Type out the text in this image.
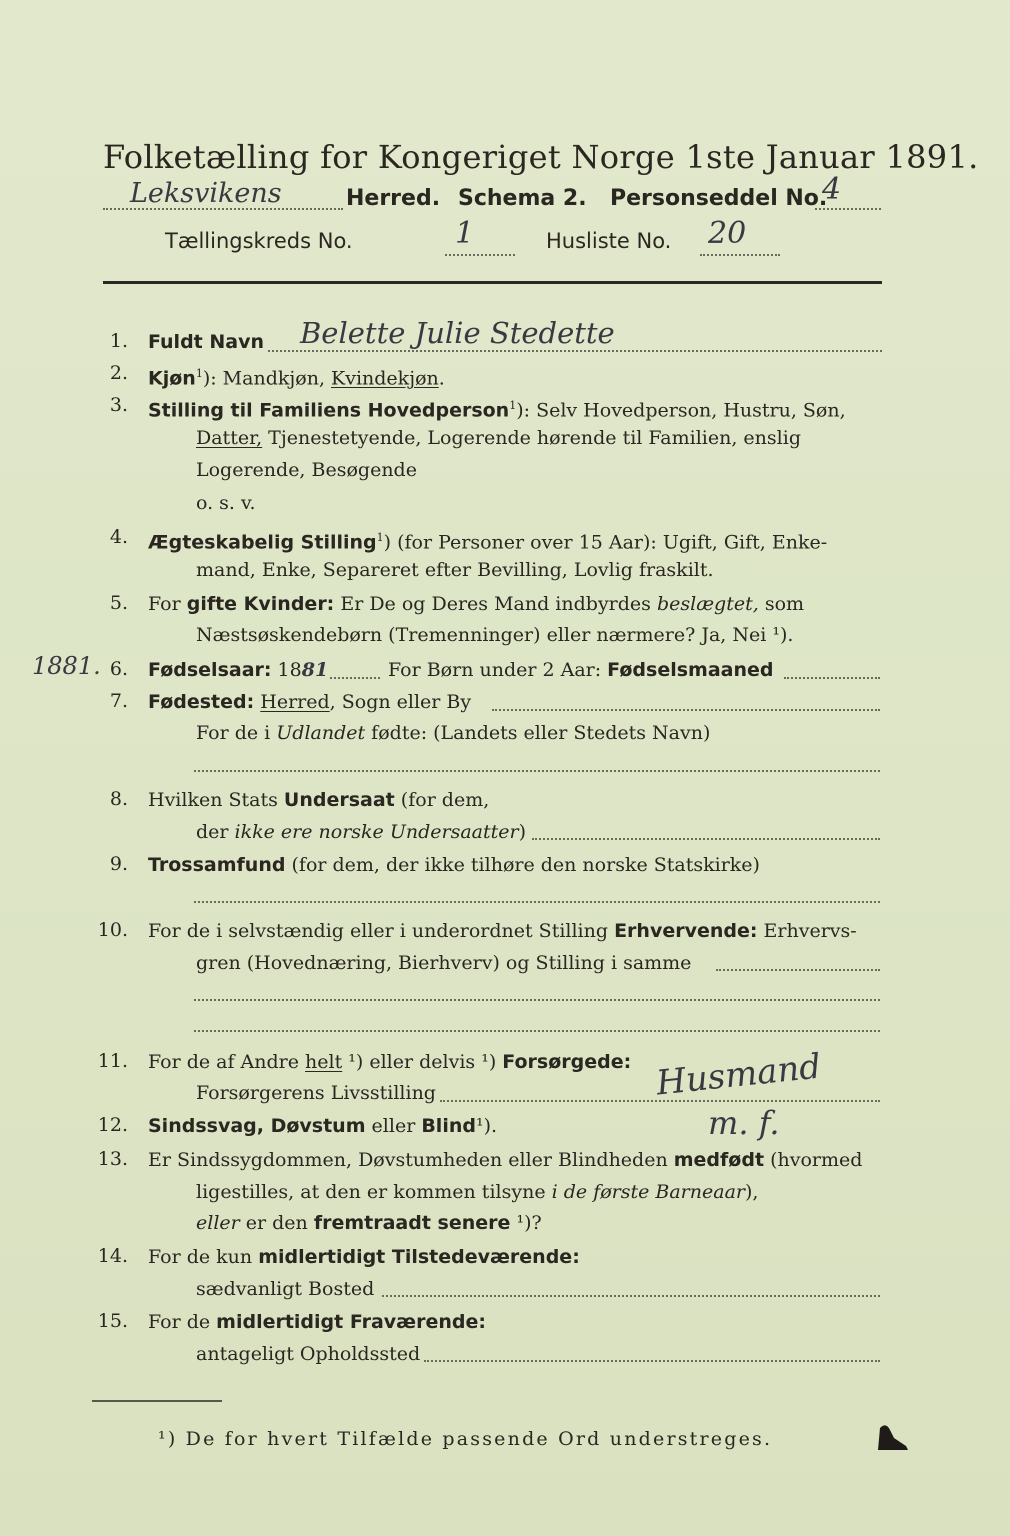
Folketælling for Kongeriget Norge 1ste Januar 1891.
Leksvikens	Herred. Schema 2. Personseddel No.
4
Tællingskreds No.	1	Husliste No. 20
1. Fuldt Navn Belette Julie Stedette
2. Kjøn$^1$): Mandkjøn, Kvindekjøn.
3. Stilling til Familiens Hovedperson$^1$): Selv Hovedperson, Hustru, Søn,
Datter, Tjenestetyende, Logerende hørende til Familien, enslig
Logerende, Besøgende
o. s. v.
4. Ægteskabelig Stilling$^1$) (for Personer over 15 Aar): Ugift, Gift, Enke-
mand, Enke, Separeret efter Bevilling, Lovlig fraskilt.
5. For gifte Kvinder: Er De og Deres Mand indbyrdes beslægtet, som
Næstsøskendebørn (Tremenninger) eller nærmere? Ja, Nei ¹).
1881. 6. Fødselsaar: 1881	For Børn under 2 Aar: Fødselsmaaned
7. Fødested: Herred, Sogn eller By
For de i Udlandet fødte: (Landets eller Stedets Navn)
8. Hvilken Stats Undersaat (for dem,
der ikke ere norske Undersaatter)
9. Trossamfund (for dem, der ikke tilhøre den norske Statskirke)
10. For de i selvstændig eller i underordnet Stilling Erhvervende: Erhvervs-
gren (Hovednæring, Bierhverv) og Stilling i samme
11. For de af Andre helt ¹) eller delvis ¹) Forsørgede:
Forsørgerens Livsstilling	Husmand
12. Sindssvag, Døvstum eller Blind¹).	m. f.
13. Er Sindssygdommen, Døvstumheden eller Blindheden medfødt (hvormed
ligestilles, at den er kommen tilsyne i de første Barneaar),
eller er den fremtraadt senere ¹)?
14. For de kun midlertidigt Tilstedeværende:
sædvanligt Bosted
15. For de midlertidigt Fraværende:
antageligt Opholdssted
¹) De for hvert Tilfælde passende Ord understreges.
